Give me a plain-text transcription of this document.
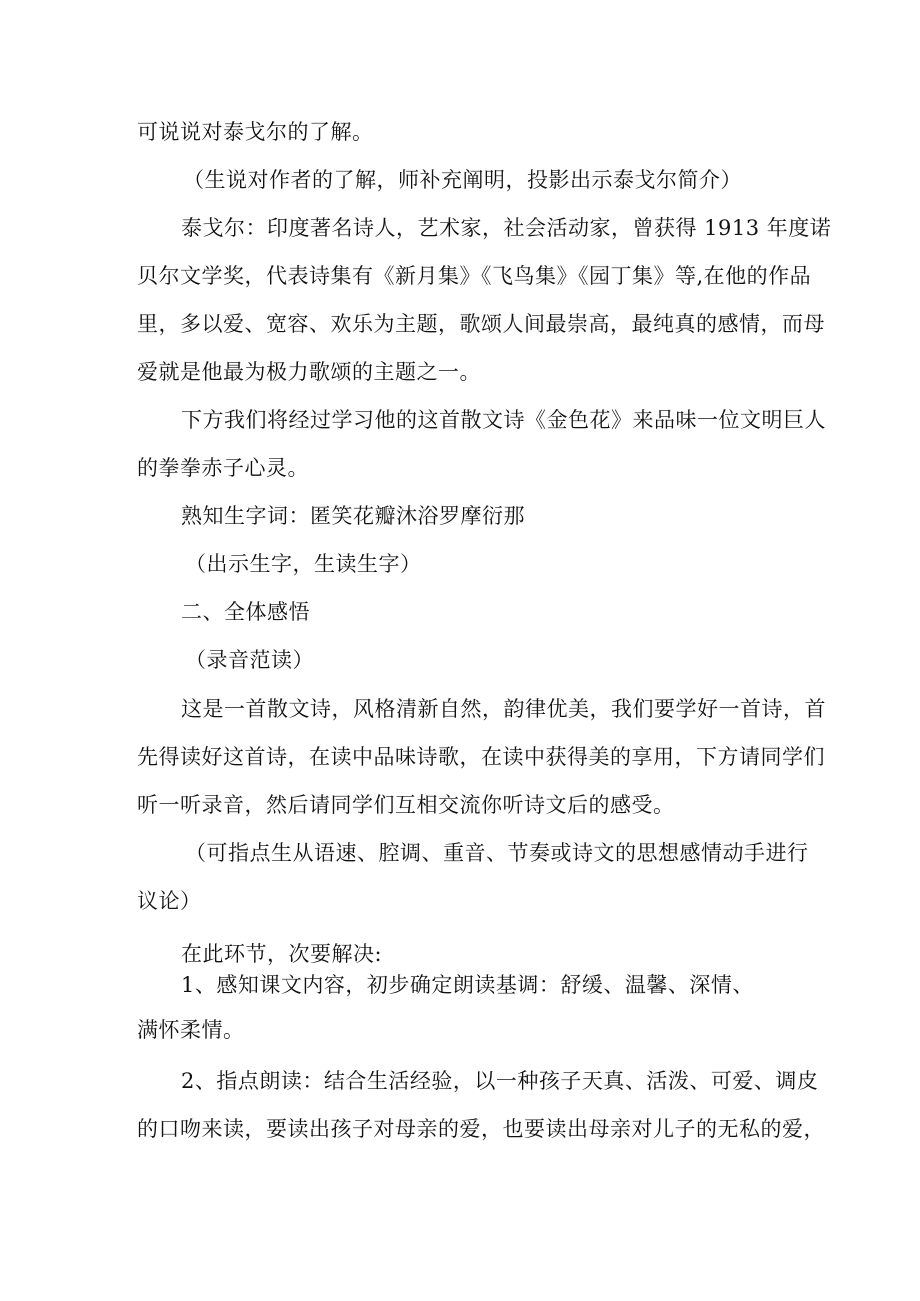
可说说对泰戈尔的了解。
（生说对作者的了解，师补充阐明，投影出示泰戈尔简介）
泰戈尔：印度著名诗人，艺术家，社会活动家，曾获得 1913 年度诺
贝尔文学奖，代表诗集有《新月集》《飞鸟集》《园丁集》等,在他的作品
里，多以爱、宽容、欢乐为主题，歌颂人间最崇高，最纯真的感情，而母
爱就是他最为极力歌颂的主题之一。
下方我们将经过学习他的这首散文诗《金色花》来品味一位文明巨人
的拳拳赤子心灵。
熟知生字词：匿笑花瓣沐浴罗摩衍那
（出示生字，生读生字）
二、全体感悟
（录音范读）
这是一首散文诗，风格清新自然，韵律优美，我们要学好一首诗，首
先得读好这首诗，在读中品味诗歌，在读中获得美的享用，下方请同学们
听一听录音，然后请同学们互相交流你听诗文后的感受。
（可指点生从语速、腔调、重音、节奏或诗文的思想感情动手进行
议论）
在此环节，次要解决:
1、感知课文内容，初步确定朗读基调：舒缓、温馨、深情、
满怀柔情。
2、指点朗读：结合生活经验，以一种孩子天真、活泼、可爱、调皮
的口吻来读，要读出孩子对母亲的爱，也要读出母亲对儿子的无私的爱，
